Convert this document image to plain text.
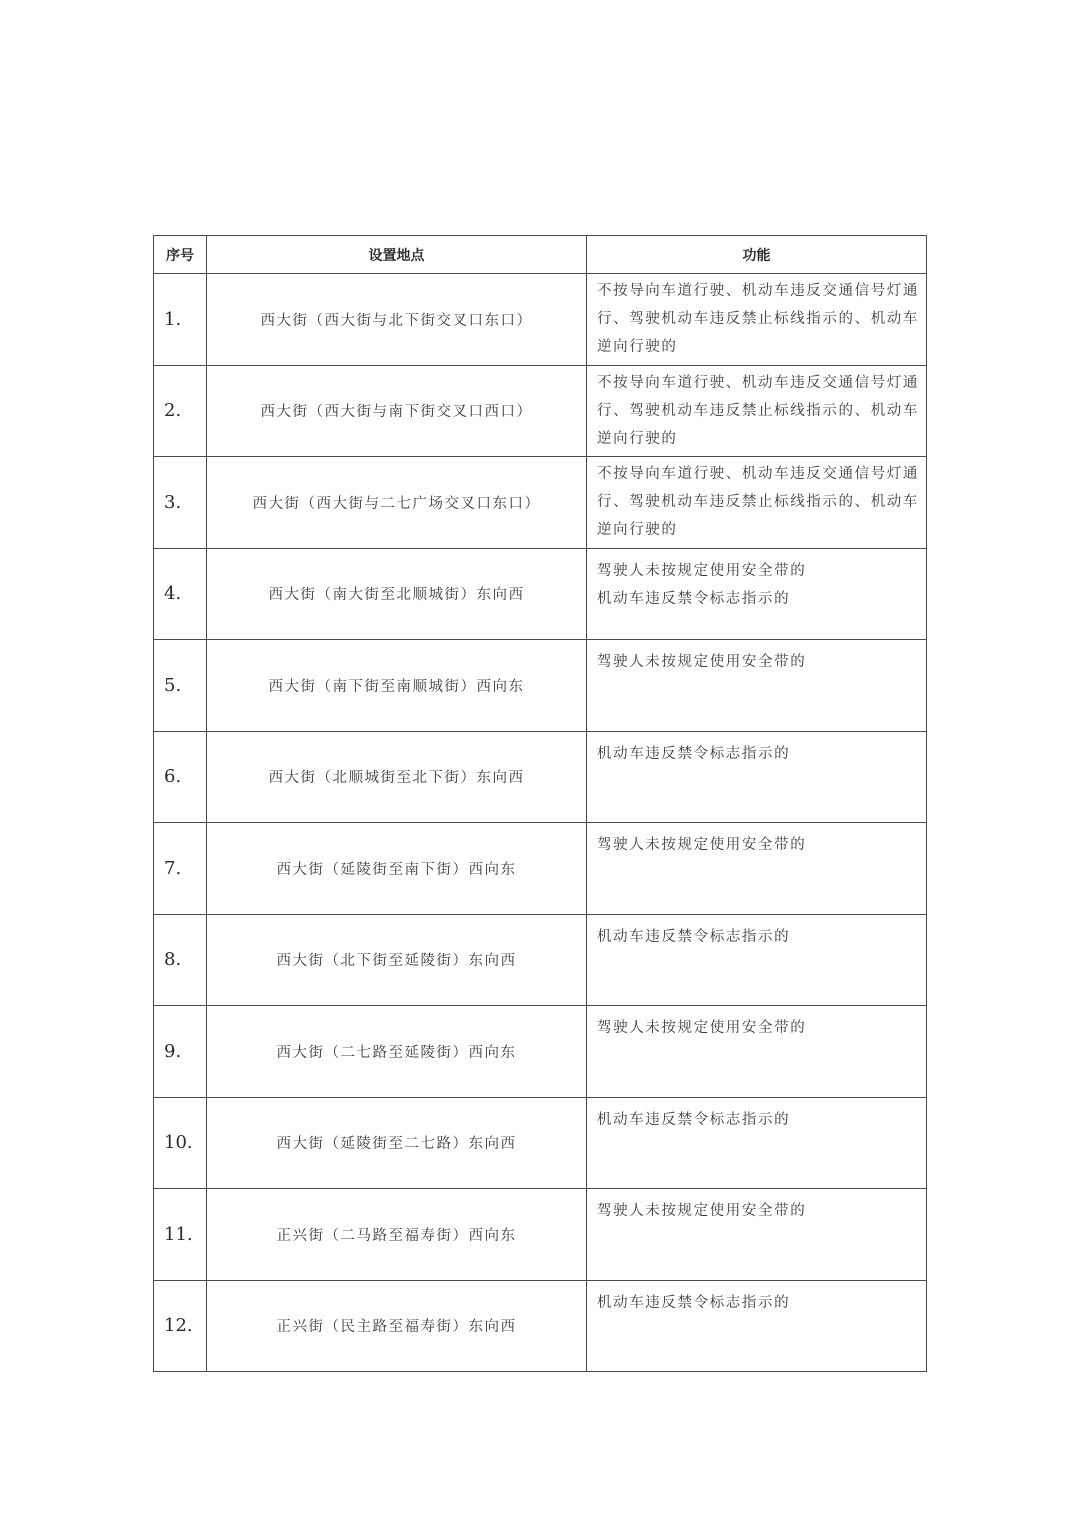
序号	设置地点	功能
1.	西大街（西大街与北下街交叉口东口）	不按导向车道行驶、机动车违反交通信号灯通
行、驾驶机动车违反禁止标线指示的、机动车
逆向行驶的

2.	西大街（西大街与南下街交叉口西口）	不按导向车道行驶、机动车违反交通信号灯通
行、驾驶机动车违反禁止标线指示的、机动车
逆向行驶的

3.	西大街（西大街与二七广场交叉口东口）	不按导向车道行驶、机动车违反交通信号灯通
行、驾驶机动车违反禁止标线指示的、机动车
逆向行驶的

4.	西大街（南大街至北顺城街）东向西	驾驶人未按规定使用安全带的
机动车违反禁令标志指示的

5.	西大街（南下街至南顺城街）西向东	驾驶人未按规定使用安全带的

6.	西大街（北顺城街至北下街）东向西	机动车违反禁令标志指示的

7.	西大街（延陵街至南下街）西向东	驾驶人未按规定使用安全带的

8.	西大街（北下街至延陵街）东向西	机动车违反禁令标志指示的

9.	西大街（二七路至延陵街）西向东	驾驶人未按规定使用安全带的

10.	西大街（延陵街至二七路）东向西	机动车违反禁令标志指示的

11.	正兴街（二马路至福寿街）西向东	驾驶人未按规定使用安全带的

12.	正兴街（民主路至福寿街）东向西	机动车违反禁令标志指示的
